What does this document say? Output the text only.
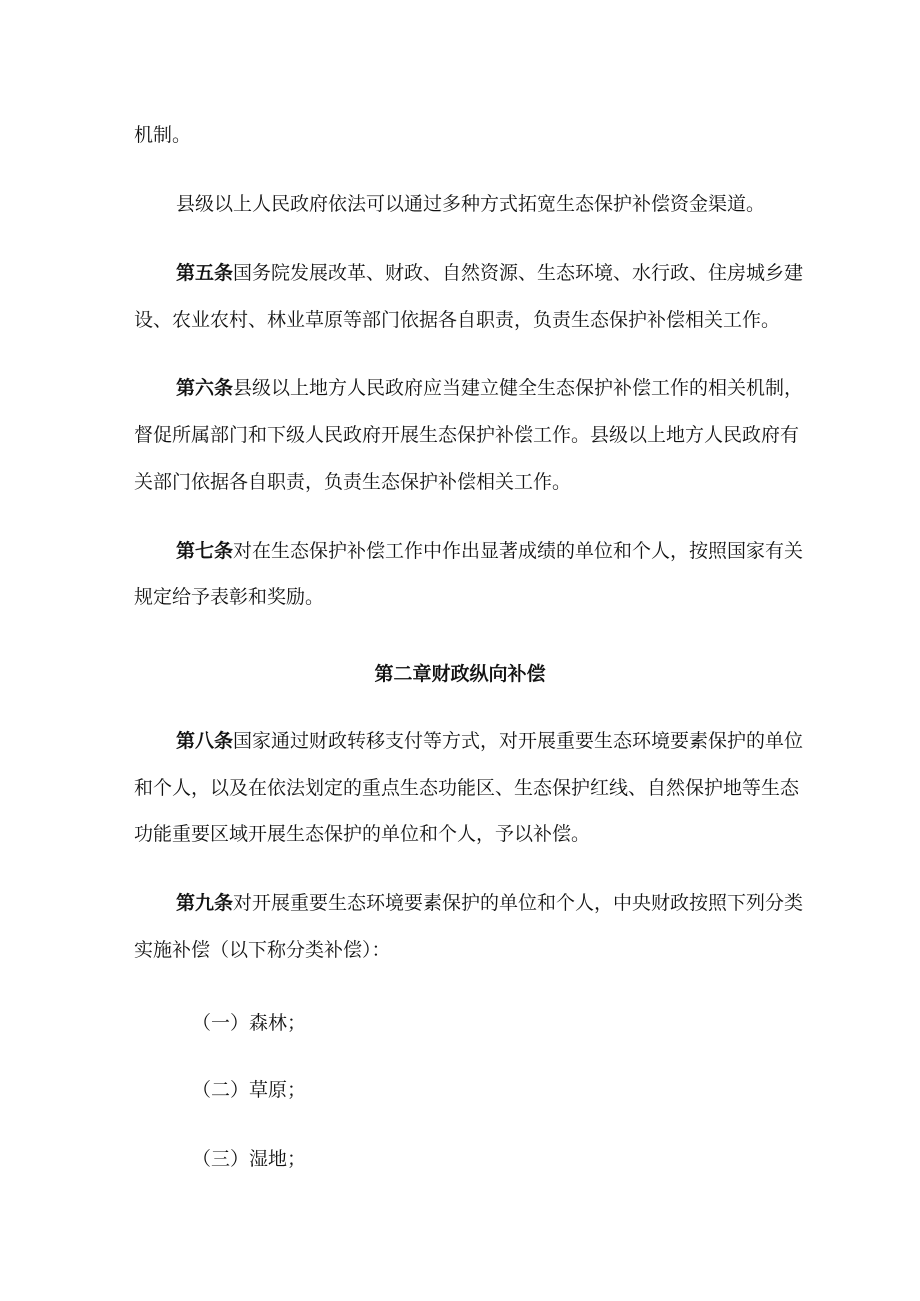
机制。
县级以上人民政府依法可以通过多种方式拓宽生态保护补偿资金渠道。
第五条国务院发展改革、财政、自然资源、生态环境、水行政、住房城乡建
设、农业农村、林业草原等部门依据各自职责，负责生态保护补偿相关工作。
第六条县级以上地方人民政府应当建立健全生态保护补偿工作的相关机制，
督促所属部门和下级人民政府开展生态保护补偿工作。县级以上地方人民政府有
关部门依据各自职责，负责生态保护补偿相关工作。
第七条对在生态保护补偿工作中作出显著成绩的单位和个人，按照国家有关
规定给予表彰和奖励。
第二章财政纵向补偿
第八条国家通过财政转移支付等方式，对开展重要生态环境要素保护的单位
和个人，以及在依法划定的重点生态功能区、生态保护红线、自然保护地等生态
功能重要区域开展生态保护的单位和个人，予以补偿。
第九条对开展重要生态环境要素保护的单位和个人，中央财政按照下列分类
实施补偿（以下称分类补偿）：
（一）森林；
（二）草原；
（三）湿地；
